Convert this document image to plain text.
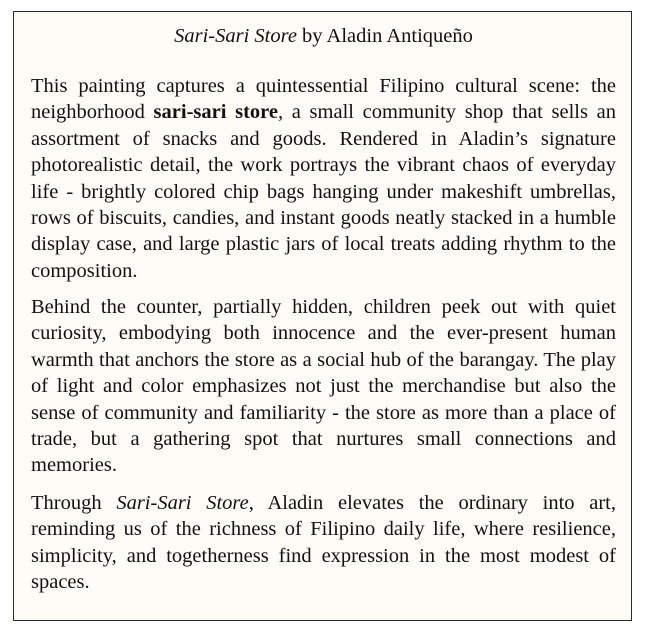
Sari-Sari Store by Aladin Antiqueño

This painting captures a quintessential Filipino cultural scene: the neighborhood sari-sari store, a small community shop that sells an assortment of snacks and goods. Rendered in Aladin’s signature photorealistic detail, the work portrays the vibrant chaos of everyday life - brightly colored chip bags hanging under makeshift umbrellas, rows of biscuits, candies, and instant goods neatly stacked in a humble display case, and large plastic jars of local treats adding rhythm to the composition.

Behind the counter, partially hidden, children peek out with quiet curiosity, embodying both innocence and the ever-present human warmth that anchors the store as a social hub of the barangay. The play of light and color emphasizes not just the merchandise but also the sense of community and familiarity - the store as more than a place of trade, but a gathering spot that nurtures small connections and memories.

Through Sari-Sari Store, Aladin elevates the ordinary into art, reminding us of the richness of Filipino daily life, where resilience, simplicity, and togetherness find expression in the most modest of spaces.
